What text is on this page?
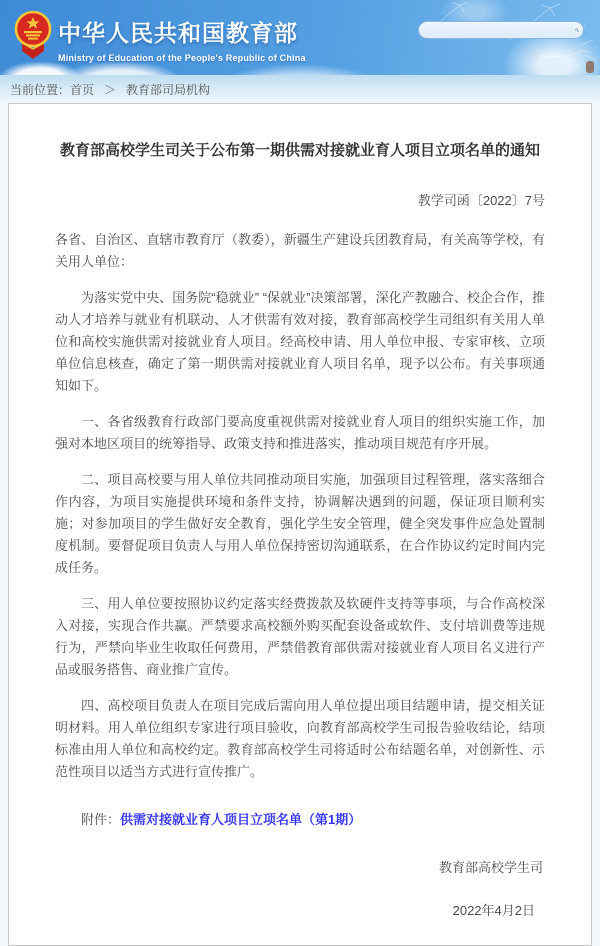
中华人民共和国教育部
Ministry of Education of the People's Republic of China
当前位置： 首页 ＞ 教育部司局机构
教育部高校学生司关于公布第一期供需对接就业育人项目立项名单的通知
教学司函〔2022〕7号

各省、自治区、直辖市教育厅（教委），新疆生产建设兵团教育局，有关高等学校，有关用人单位：

为落实党中央、国务院“稳就业” “保就业”决策部署，深化产教融合、校企合作，推动人才培养与就业有机联动、人才供需有效对接，教育部高校学生司组织有关用人单位和高校实施供需对接就业育人项目。经高校申请、用人单位申报、专家审核、立项单位信息核查，确定了第一期供需对接就业育人项目名单，现予以公布。有关事项通知如下。

一、各省级教育行政部门要高度重视供需对接就业育人项目的组织实施工作，加强对本地区项目的统筹指导、政策支持和推进落实，推动项目规范有序开展。

二、项目高校要与用人单位共同推动项目实施，加强项目过程管理，落实落细合作内容，为项目实施提供环境和条件支持，协调解决遇到的问题，保证项目顺利实施；对参加项目的学生做好安全教育，强化学生安全管理，健全突发事件应急处置制度机制。要督促项目负责人与用人单位保持密切沟通联系，在合作协议约定时间内完成任务。

三、用人单位要按照协议约定落实经费拨款及软硬件支持等事项，与合作高校深入对接，实现合作共赢。严禁要求高校额外购买配套设备或软件、支付培训费等违规行为，严禁向毕业生收取任何费用，严禁借教育部供需对接就业育人项目名义进行产品或服务搭售、商业推广宣传。

四、高校项目负责人在项目完成后需向用人单位提出项目结题申请，提交相关证明材料。用人单位组织专家进行项目验收，向教育部高校学生司报告验收结论，结项标准由用人单位和高校约定。教育部高校学生司将适时公布结题名单，对创新性、示范性项目以适当方式进行宣传推广。

附件：供需对接就业育人项目立项名单（第1期）
教育部高校学生司
2022年4月2日
